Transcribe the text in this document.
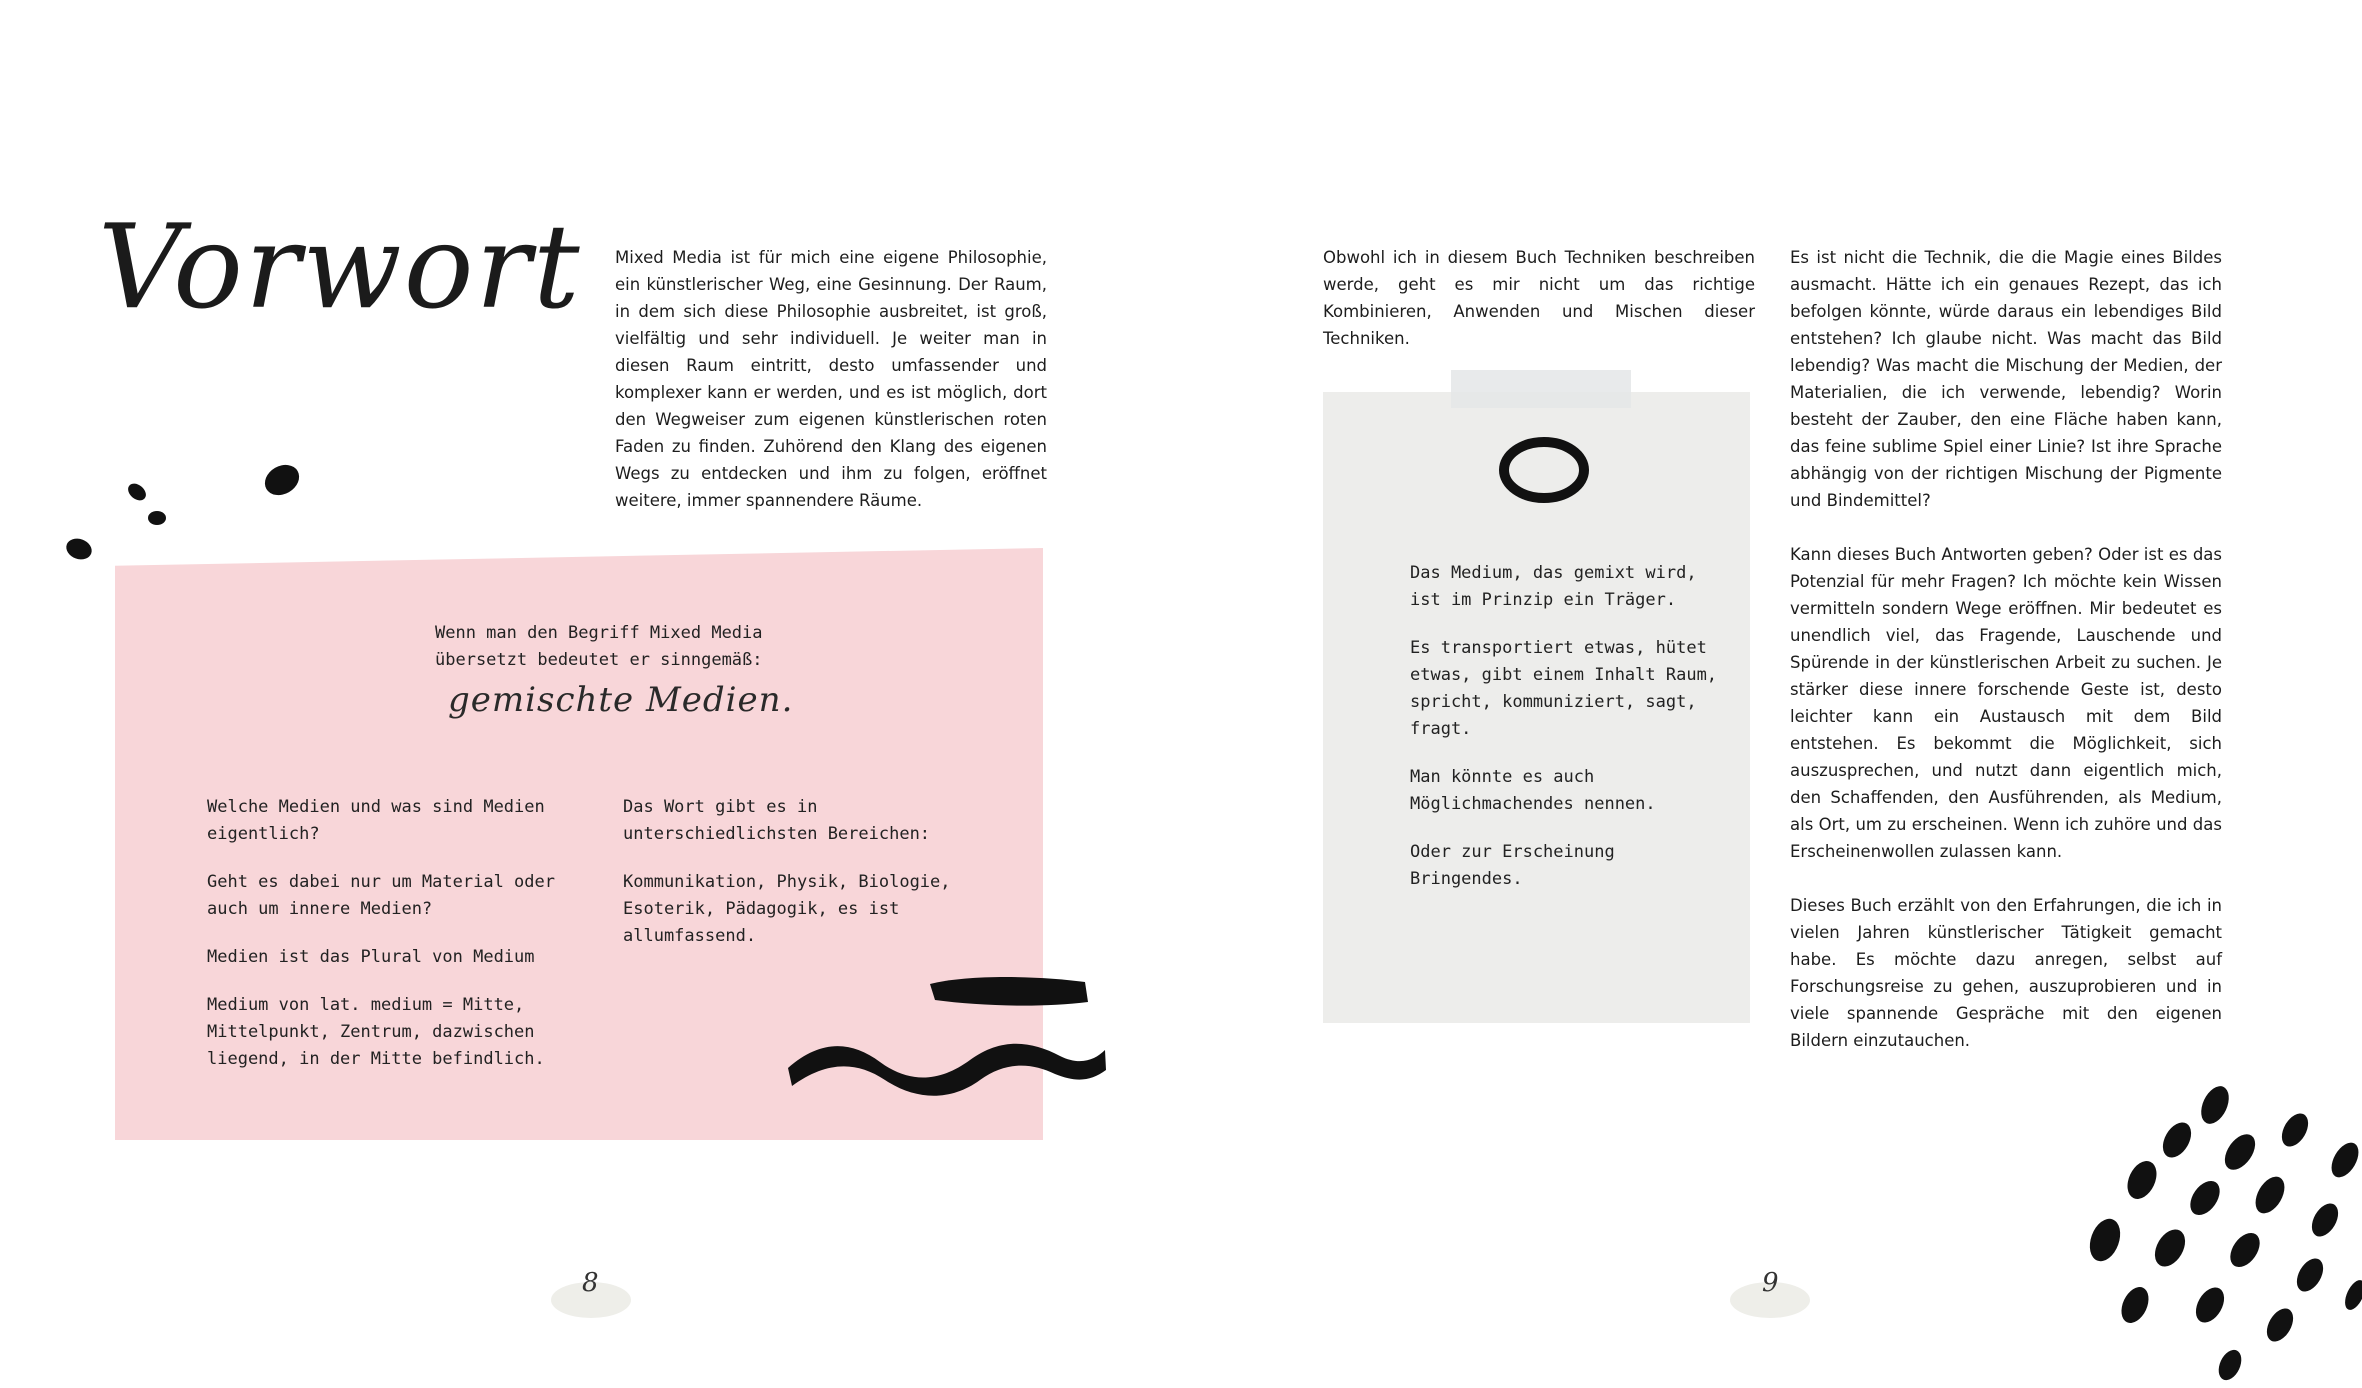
Vorwort Mixed Media ist für mich eine eigene Philosophie, ein künstlerischer Weg, eine Gesinnung. Der Raum, in dem sich diese Philosophie ausbreitet, ist groß, vielfältig und sehr individuell. Je weiter man in diesen Raum eintritt, desto umfassender und komplexer kann er werden, und es ist möglich, dort den Wegweiser zum eigenen künstlerischen roten Faden zu finden. Zuhörend den Klang des eigenen Wegs zu entdecken und ihm zu folgen, eröffnet weitere, immer spannendere Räume.

Wenn man den Begriff Mixed Media
übersetzt bedeutet er sinngemäß:
gemischte Medien.

Welche Medien und was sind Medien eigentlich?

Geht es dabei nur um Material oder auch um innere Medien?

Medien ist das Plural von Medium

Medium von lat. medium = Mitte, Mittelpunkt, Zentrum, dazwischen liegend, in der Mitte befindlich.

Das Wort gibt es in unterschiedlichsten Bereichen:

Kommunikation, Physik, Biologie, Esoterik, Pädagogik, es ist allumfassend.

8

Obwohl ich in diesem Buch Techniken beschreiben werde, geht es mir nicht um das richtige Kombinieren, Anwenden und Mischen dieser Techniken.

Das Medium, das gemixt wird, ist im Prinzip ein Träger.

Es transportiert etwas, hütet etwas, gibt einem Inhalt Raum, spricht, kommuniziert, sagt, fragt.

Man könnte es auch Möglichmachendes nennen.

Oder zur Erscheinung Bringendes.

Es ist nicht die Technik, die die Magie eines Bildes ausmacht. Hätte ich ein genaues Rezept, das ich befolgen könnte, würde daraus ein lebendiges Bild entstehen? Ich glaube nicht. Was macht das Bild lebendig? Was macht die Mischung der Medien, der Materialien, die ich verwende, lebendig? Worin besteht der Zauber, den eine Fläche haben kann, das feine sublime Spiel einer Linie? Ist ihre Sprache abhängig von der richtigen Mischung der Pigmente und Bindemittel?

Kann dieses Buch Antworten geben? Oder ist es das Potenzial für mehr Fragen? Ich möchte kein Wissen vermitteln sondern Wege eröffnen. Mir bedeutet es unendlich viel, das Fragende, Lauschende und Spürende in der künstlerischen Arbeit zu suchen. Je stärker diese innere forschende Geste ist, desto leichter kann ein Austausch mit dem Bild entstehen. Es bekommt die Möglichkeit, sich auszusprechen, und nutzt dann eigentlich mich, den Schaffenden, den Ausführenden, als Medium, als Ort, um zu erscheinen. Wenn ich zuhöre und das Erscheinenwollen zulassen kann.

Dieses Buch erzählt von den Erfahrungen, die ich in vielen Jahren künstlerischer Tätigkeit gemacht habe. Es möchte dazu anregen, selbst auf Forschungsreise zu gehen, auszuprobieren und in viele spannende Gespräche mit den eigenen Bildern einzutauchen.

9
